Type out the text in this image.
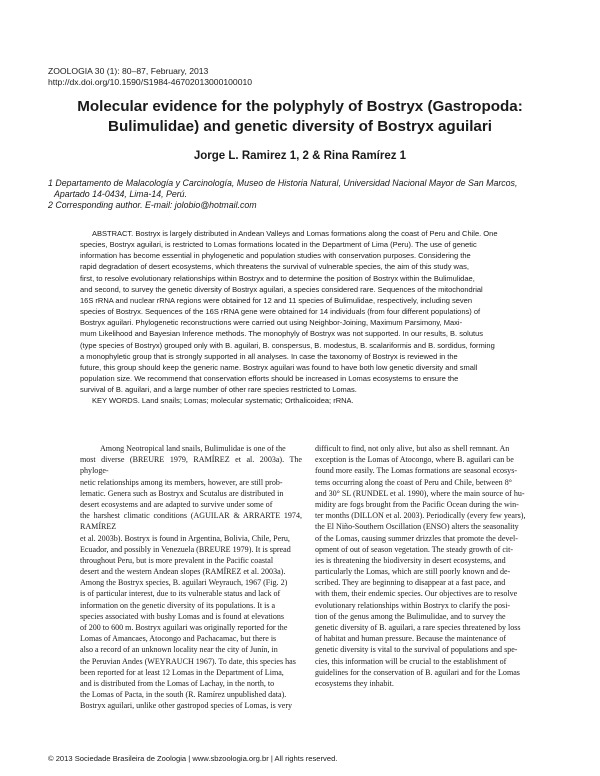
ZOOLOGIA 30 (1): 80–87, February, 2013
http://dx.doi.org/10.1590/S1984-46702013000100010
Molecular evidence for the polyphyly of Bostryx (Gastropoda:
Bulimulidae) and genetic diversity of Bostryx aguilari
Jorge L. Ramirez 1, 2 & Rina Ramírez 1

1 Departamento de Malacología y Carcinología, Museo de Historia Natural, Universidad Nacional Mayor de San Marcos,

Apartado 14-0434, Lima-14, Perú.

2 Corresponding author. E-mail: jolobio@hotmail.com

ABSTRACT. Bostryx is largely distributed in Andean Valleys and Lomas formations along the coast of Peru and Chile. One

species, Bostryx aguilari, is restricted to Lomas formations located in the Department of Lima (Peru). The use of genetic

information has become essential in phylogenetic and population studies with conservation purposes. Considering the

rapid degradation of desert ecosystems, which threatens the survival of vulnerable species, the aim of this study was,

first, to resolve evolutionary relationships within Bostryx and to determine the position of Bostryx within the Bulimulidae,

and second, to survey the genetic diversity of Bostryx aguilari, a species considered rare. Sequences of the mitochondrial

16S rRNA and nuclear rRNA regions were obtained for 12 and 11 species of Bulimulidae, respectively, including seven

species of Bostryx. Sequences of the 16S rRNA gene were obtained for 14 individuals (from four different populations) of

Bostryx aguilari. Phylogenetic reconstructions were carried out using Neighbor-Joining, Maximum Parsimony, Maxi-

mum Likelihood and Bayesian Inference methods. The monophyly of Bostryx was not supported. In our results, B. solutus

(type species of Bostryx) grouped only with B. aguilari, B. conspersus, B. modestus, B. scalariformis and B. sordidus, forming

a monophyletic group that is strongly supported in all analyses. In case the taxonomy of Bostryx is reviewed in the

future, this group should keep the generic name. Bostryx aguilari was found to have both low genetic diversity and small

population size. We recommend that conservation efforts should be increased in Lomas ecosystems to ensure the

survival of B. aguilari, and a large number of other rare species restricted to Lomas.

KEY WORDS. Land snails; Lomas; molecular systematic; Orthalicoidea; rRNA.

Among Neotropical land snails, Bulimulidae is one of the

most diverse (BREURE 1979, RAMÍREZ et al. 2003a). The phyloge-

netic relationships among its members, however, are still prob-

lematic. Genera such as Bostryx and Scutalus are distributed in

desert ecosystems and are adapted to survive under some of

the harshest climatic conditions (AGUILAR & ARRARTE 1974, RAMÍREZ

et al. 2003b). Bostryx is found in Argentina, Bolivia, Chile, Peru,

Ecuador, and possibly in Venezuela (BREURE 1979). It is spread

throughout Peru, but is more prevalent in the Pacific coastal

desert and the western Andean slopes (RAMÍREZ et al. 2003a).

Among the Bostryx species, B. aguilari Weyrauch, 1967 (Fig. 2)

is of particular interest, due to its vulnerable status and lack of

information on the genetic diversity of its populations. It is a

species associated with bushy Lomas and is found at elevations

of 200 to 600 m. Bostryx aguilari was originally reported for the

Lomas of Amancaes, Atocongo and Pachacamac, but there is

also a record of an unknown locality near the city of Junín, in

the Peruvian Andes (WEYRAUCH 1967). To date, this species has

been reported for at least 12 Lomas in the Department of Lima,

and is distributed from the Lomas of Lachay, in the north, to

the Lomas of Pacta, in the south (R. Ramírez unpublished data).

Bostryx aguilari, unlike other gastropod species of Lomas, is very

difficult to find, not only alive, but also as shell remnant. An

exception is the Lomas of Atocongo, where B. aguilari can be

found more easily. The Lomas formations are seasonal ecosys-

tems occurring along the coast of Peru and Chile, between 8°

and 30° SL (RUNDEL et al. 1990), where the main source of hu-

midity are fogs brought from the Pacific Ocean during the win-

ter months (DILLON et al. 2003). Periodically (every few years),

the El Niño-Southern Oscillation (ENSO) alters the seasonality

of the Lomas, causing summer drizzles that promote the devel-

opment of out of season vegetation. The steady growth of cit-

ies is threatening the biodiversity in desert ecosystems, and

particularly the Lomas, which are still poorly known and de-

scribed. They are beginning to disappear at a fast pace, and

with them, their endemic species. Our objectives are to resolve

evolutionary relationships within Bostryx to clarify the posi-

tion of the genus among the Bulimulidae, and to survey the

genetic diversity of B. aguilari, a rare species threatened by loss

of habitat and human pressure. Because the maintenance of

genetic diversity is vital to the survival of populations and spe-

cies, this information will be crucial to the establishment of

guidelines for the conservation of B. aguilari and for the Lomas

ecosystems they inhabit.

© 2013 Sociedade Brasileira de Zoologia | www.sbzoologia.org.br | All rights reserved.
